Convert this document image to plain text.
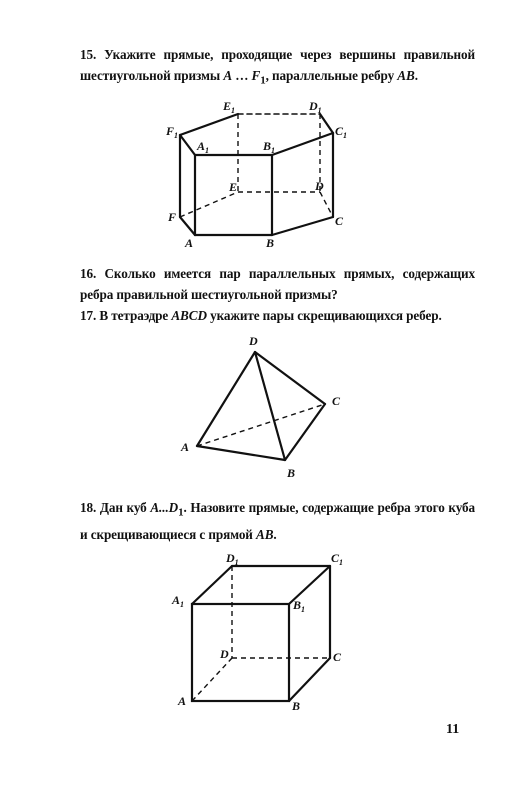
15. Укажите прямые, проходящие через вершины правильной шестиугольной призмы A … $F_1$, параллельные ребру AB.
$E_1$	$D_1$
$F_1$	$C_1$
$A_1$	$B_1$
E	D
F	C
A	B
16. Сколько имеется пар параллельных прямых, содержащих ребра правильной шестиугольной призмы?
17. В тетраэдре ABCD укажите пары скрещивающихся ребер.
D
C
A
B
18. Дан куб $A...D_1$. Назовите прямые, содержащие ребра этого куба и скрещивающиеся с прямой AB.
$D_1$	$C_1$
$A_1$	$B_1$
D	C
A	B
11
